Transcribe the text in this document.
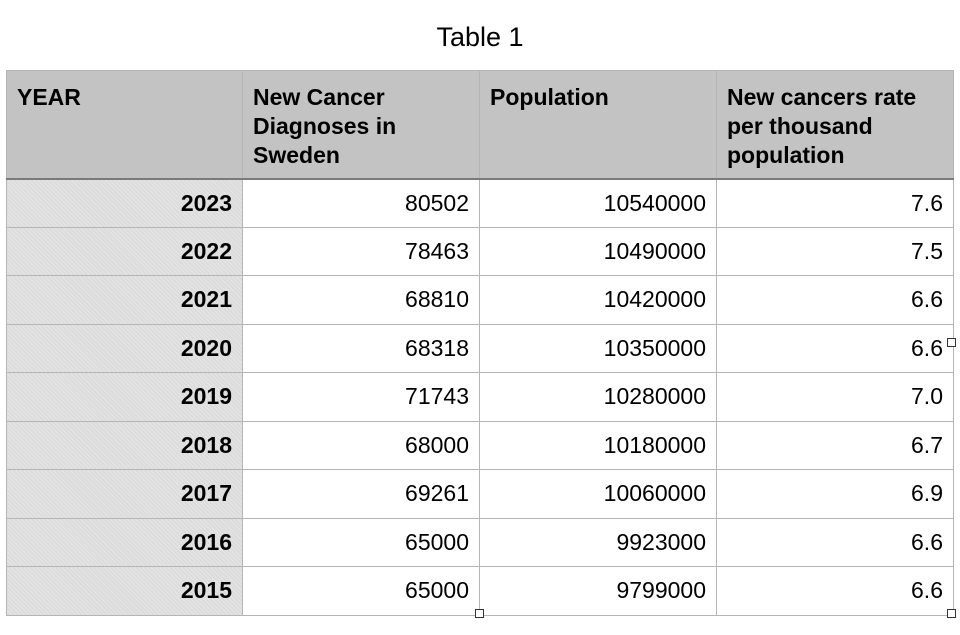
Table 1
YEAR	New Cancer Diagnoses in Sweden	Population	New cancers rate per thousand population
2023	80502	10540000	7.6
2022	78463	10490000	7.5
2021	68810	10420000	6.6
2020	68318	10350000	6.6
2019	71743	10280000	7.0
2018	68000	10180000	6.7
2017	69261	10060000	6.9
2016	65000	9923000	6.6
2015	65000	9799000	6.6
